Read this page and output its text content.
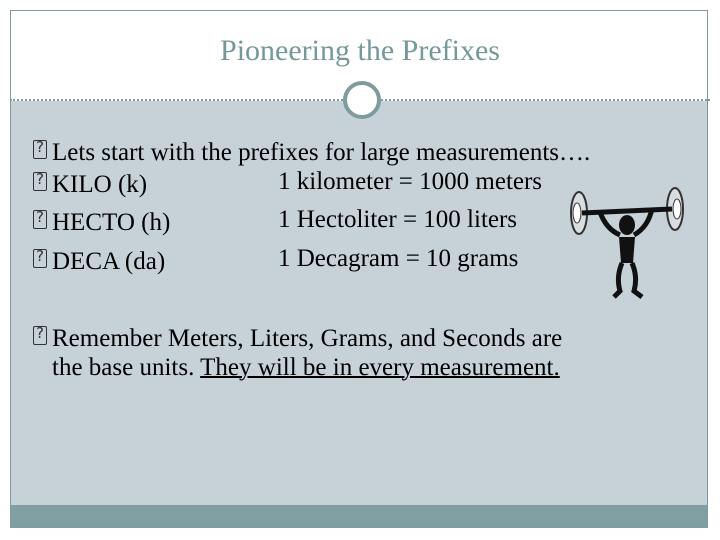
Pioneering the Prefixes
?Lets start with the prefixes for large measurements….
?KILO (k)	1 kilometer = 1000 meters
?HECTO (h)	1 Hectoliter = 100 liters
?DECA (da)	1 Decagram = 10 grams
?Remember Meters, Liters, Grams, and Seconds are
the base units. They will be in every measurement.
